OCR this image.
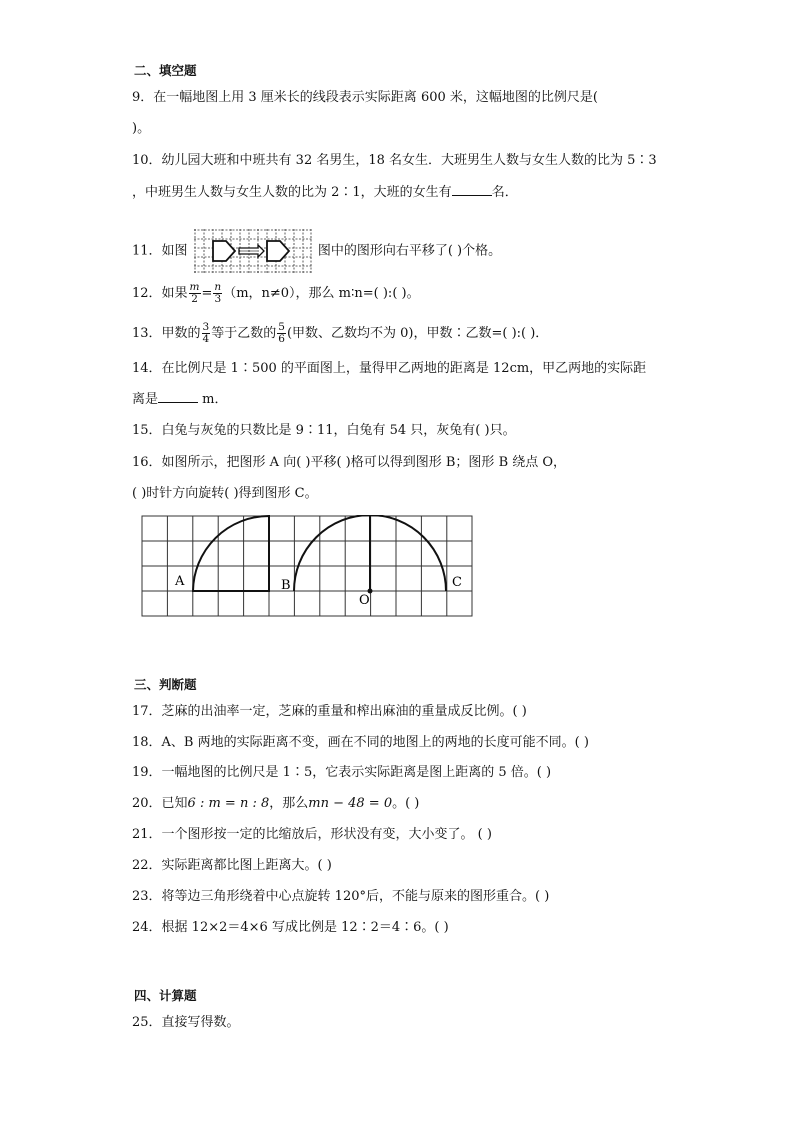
二、填空题
9．在一幅地图上用 3 厘米长的线段表示实际距离 600 米，这幅地图的比例尺是(
)。
10．幼儿园大班和中班共有 32 名男生，18 名女生．大班男生人数与女生人数的比为 5∶3
，中班男生人数与女生人数的比为 2∶1，大班的女生有	名．
11．如图	图中的图形向右平移了( )个格。
12．如果 $\frac{m}{2} = \frac{n}{3} (m$，n≠0），那么 m∶n=( ):( )。
13．甲数的 $\frac{3}{4}$ 等于乙数的 $\frac{5}{6}$ (甲数、乙数均不为 0)，甲数∶乙数=( ):( )．
14．在比例尺是 1∶500 的平面图上，量得甲乙两地的距离是 12cm，甲乙两地的实际距
离是	m．
15．白兔与灰兔的只数比是 9∶11，白兔有 54 只，灰兔有( )只。
16．如图所示，把图形 A 向( )平移( )格可以得到图形 B；图形 B 绕点 O，
( )时针方向旋转( )得到图形 C。
A	B	C
O
三、判断题
17．芝麻的出油率一定，芝麻的重量和榨出麻油的重量成反比例。( )
18．A、B 两地的实际距离不变，画在不同的地图上的两地的长度可能不同。( )
19．一幅地图的比例尺是 1∶5，它表示实际距离是图上距离的 5 倍。( )
20．已知6 : m = n : 8，那么mn − 48 = 0。( )
21．一个图形按一定的比缩放后，形状没有变，大小变了。 ( )
22．实际距离都比图上距离大。( )
23．将等边三角形绕着中心点旋转 120°后，不能与原来的图形重合。( )
24．根据 12×2＝4×6 写成比例是 12∶2＝4∶6。( )
四、计算题
25．直接写得数。
